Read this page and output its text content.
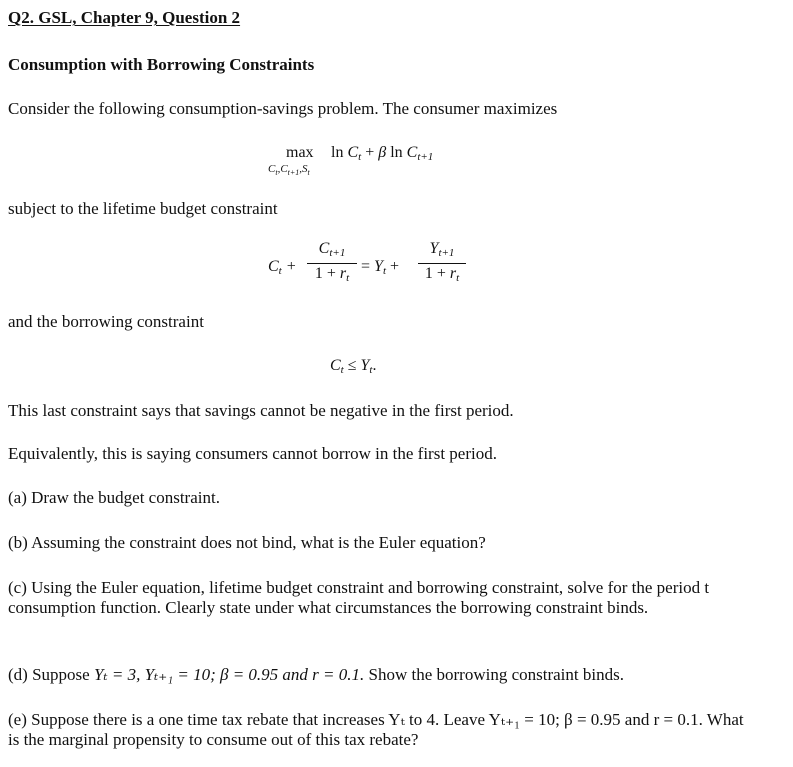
Q2. GSL, Chapter 9, Question 2
Consumption with Borrowing Constraints
Consider the following consumption-savings problem. The consumer maximizes
max
$C_t,C_{t+1},S_t$
$\ln C_t + \beta$ $\ln C_{t+1}$
subject to the lifetime budget constraint
$C_t$ +
$C_{t+1}$
$1 + r_t$
= $Y_t$ +
$Y_{t+1}$
$1 + r_t$
and the borrowing constraint
$C_t \le Y_t$.
This last constraint says that savings cannot be negative in the first period.
Equivalently, this is saying consumers cannot borrow in the first period.
(a) Draw the budget constraint.
(b) Assuming the constraint does not bind, what is the Euler equation?
(c) Using the Euler equation, lifetime budget constraint and borrowing constraint, solve for the period t consumption function. Clearly state under what circumstances the borrowing constraint binds.
(d) Suppose Yₜ = 3, Yₜ₊₁ = 10; β = 0.95 and r = 0.1. Show the borrowing constraint binds.
(e) Suppose there is a one time tax rebate that increases Yₜ to 4. Leave Yₜ₊₁ = 10; β = 0.95 and r = 0.1. What is the marginal propensity to consume out of this tax rebate?
